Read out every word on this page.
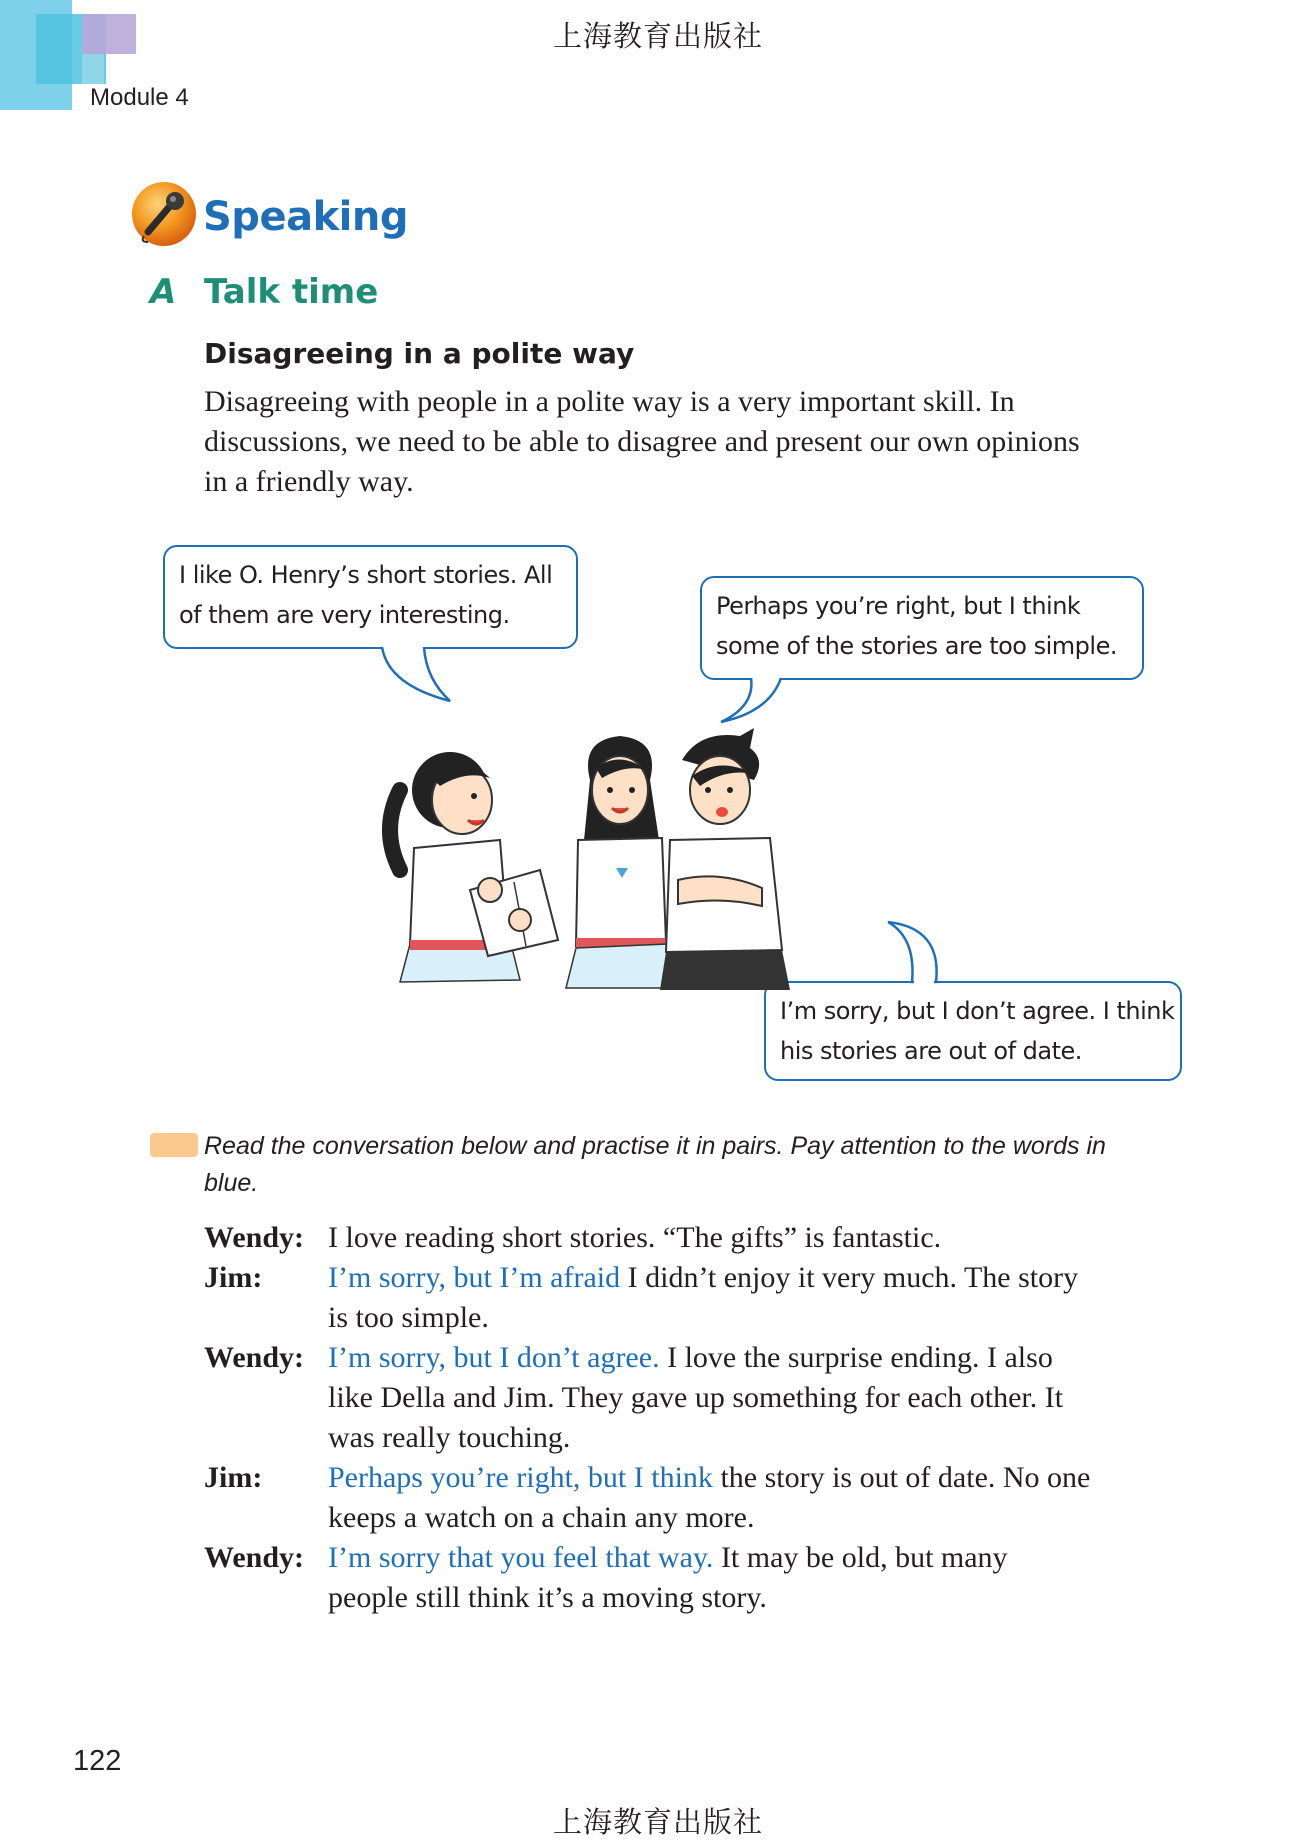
上海教育出版社
Module 4
Speaking
A Talk time
Disagreeing in a polite way
Disagreeing with people in a polite way is a very important skill. In
discussions, we need to be able to disagree and present our own opinions
in a friendly way.
I like O. Henry’s short stories. All
of them are very interesting.	Perhaps you’re right, but I think
some of the stories are too simple.
I’m sorry, but I don’t agree. I think
his stories are out of date.
Read the conversation below and practise it in pairs. Pay attention to the words in
blue.
Wendy: I love reading short stories. “The gifts” is fantastic.
Jim:	I’m sorry, but I’m afraid I didn’t enjoy it very much. The story
is too simple.
Wendy: I’m sorry, but I don’t agree. I love the surprise ending. I also
like Della and Jim. They gave up something for each other. It
was really touching.
Jim:	Perhaps you’re right, but I think the story is out of date. No one
keeps a watch on a chain any more.
Wendy: I’m sorry that you feel that way. It may be old, but many
people still think it’s a moving story.
122
上海教育出版社
